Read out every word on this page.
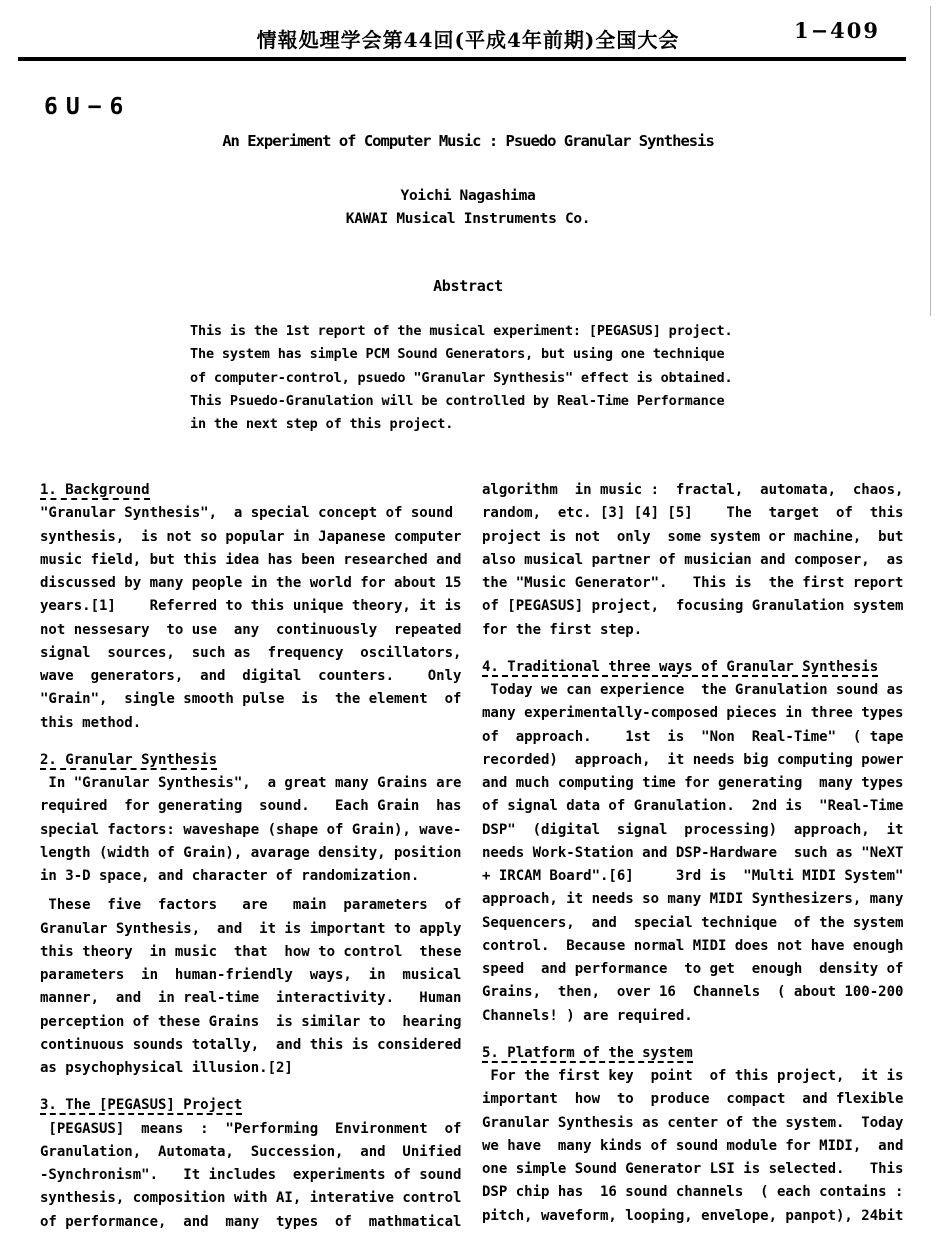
情報処理学会第44回(平成4年前期)全国大会	1−409
6U−6
An Experiment of Computer Music : Psuedo Granular Synthesis
Yoichi Nagashima
KAWAI Musical Instruments Co.
Abstract
This is the 1st report of the musical experiment: [PEGASUS] project.
The system has simple PCM Sound Generators, but using one technique
of computer-control, psuedo "Granular Synthesis" effect is obtained.
This Psuedo-Granulation will be controlled by Real-Time Performance
in the next step of this project.
1. Background
"Granular Synthesis",  a special concept of sound
synthesis,  is not so popular in Japanese computer
music field, but this idea has been researched and
discussed by many people in the world for about 15
years.[1]    Referred to this unique theory, it is
not nessesary  to use  any  continuously  repeated
signal  sources,  such as  frequency  oscillators,
wave  generators,  and  digital  counters.    Only
"Grain",  single smooth pulse  is  the element  of
this method.
2. Granular Synthesis
In "Granular Synthesis",  a great many Grains are
required  for generating  sound.   Each Grain  has
special factors: waveshape (shape of Grain), wave-
length (width of Grain), avarage density, position
in 3-D space, and character of randomization.
These  five  factors   are   main  parameters  of
Granular Synthesis,  and  it is important to apply
this theory  in music  that  how to control  these
parameters  in  human-friendly  ways,  in  musical
manner,  and  in real-time  interactivity.   Human
perception of these Grains  is similar to  hearing
continuous sounds totally,  and this is considered
as psychophysical illusion.[2]
3. The [PEGASUS] Project
[PEGASUS]  means  :  "Performing  Environment  of
Granulation,  Automata,  Succession,  and  Unified
-Synchronism".   It includes  experiments of sound
synthesis, composition with AI, interative control
of performance,  and  many  types  of  mathmatical
algorithm  in music :  fractal,  automata,  chaos,
random,  etc. [3] [4] [5]    The  target  of  this
project is not  only  some system or machine,  but
also musical partner of musician and composer,  as
the "Music Generator".   This is  the first report
of [PEGASUS] project,  focusing Granulation system
for the first step.
4. Traditional three ways of Granular Synthesis
Today we can experience  the Granulation sound as
many experimentally-composed pieces in three types
of  approach.    1st  is  "Non  Real-Time"  ( tape
recorded)  approach,  it needs big computing power
and much computing time for generating  many types
of signal data of Granulation.  2nd is  "Real-Time
DSP"  (digital  signal  processing)  approach,  it
needs Work-Station and DSP-Hardware  such as "NeXT
+ IRCAM Board".[6]     3rd is  "Multi MIDI System"
approach, it needs so many MIDI Synthesizers, many
Sequencers,  and  special technique  of the system
control.  Because normal MIDI does not have enough
speed  and performance  to get  enough  density of
Grains,  then,  over 16  Channels  ( about 100-200
Channels! ) are required.
5. Platform of the system
For the first key  point  of this project,  it is
important  how  to  produce  compact  and flexible
Granular Synthesis as center of the system.  Today
we have  many kinds of sound module for MIDI,  and
one simple Sound Generator LSI is selected.   This
DSP chip has  16 sound channels  ( each contains :
pitch, waveform, looping, envelope, panpot), 24bit
